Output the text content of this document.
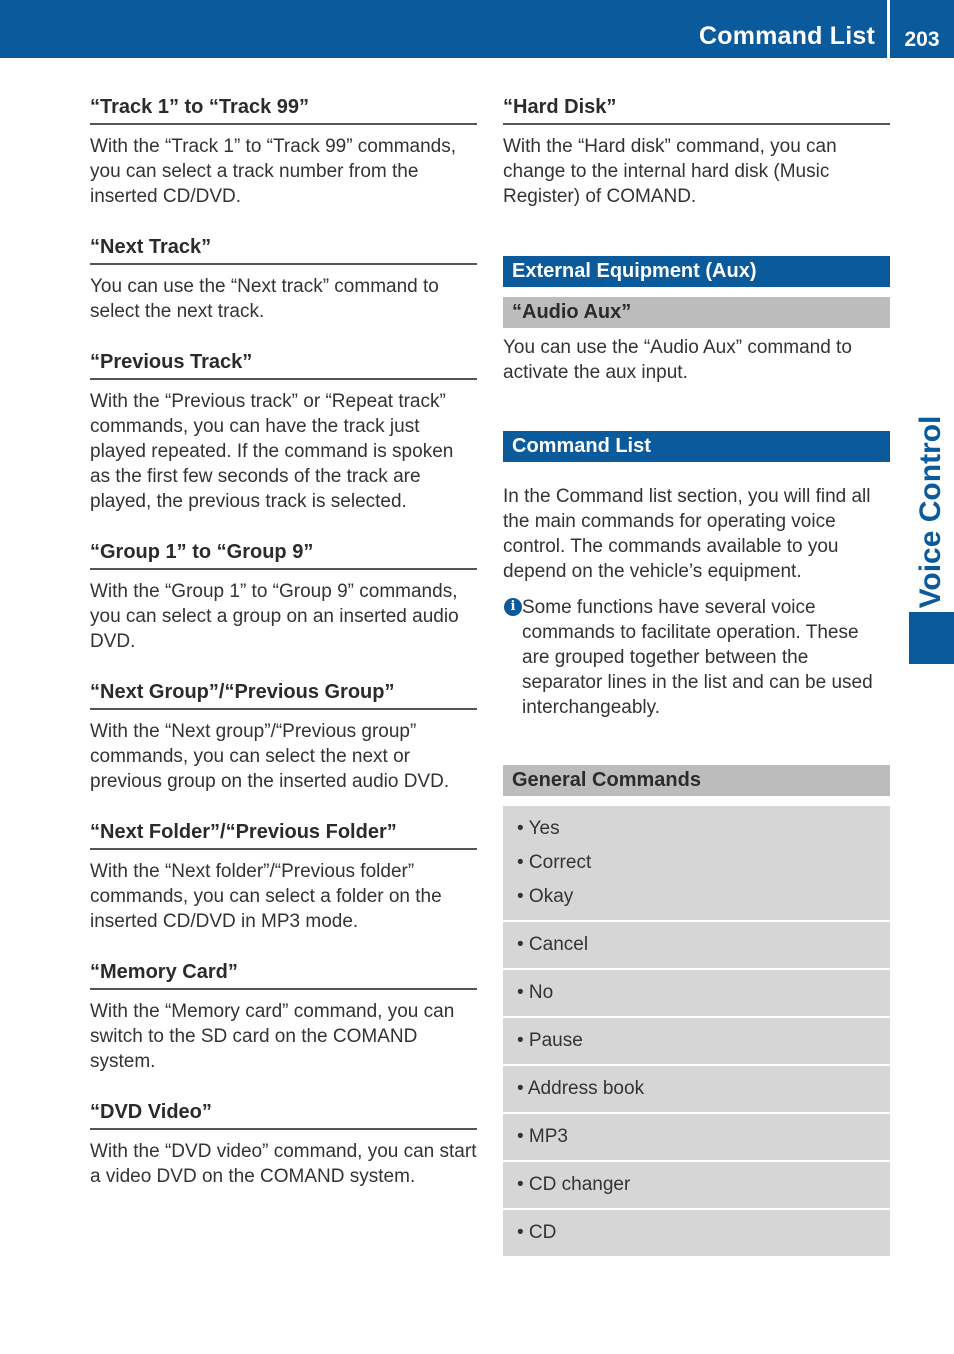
Command List	203
Voice Control
“Track 1” to “Track 99”
With the “Track 1” to “Track 99” commands, you can select a track number from the inserted CD/DVD.
“Next Track”
You can use the “Next track” command to select the next track.
“Previous Track”
With the “Previous track” or “Repeat track” commands, you can have the track just played repeated. If the command is spoken as the first few seconds of the track are played, the previous track is selected.
“Group 1” to “Group 9”
With the “Group 1” to “Group 9” commands, you can select a group on an inserted audio DVD.
“Next Group”/“Previous Group”
With the “Next group”/“Previous group” commands, you can select the next or previous group on the inserted audio DVD.
“Next Folder”/“Previous Folder”
With the “Next folder”/“Previous folder” commands, you can select a folder on the inserted CD/DVD in MP3 mode.
“Memory Card”
With the “Memory card” command, you can switch to the SD card on the COMAND system.
“DVD Video”
With the “DVD video” command, you can start a video DVD on the COMAND system.
“Hard Disk”
With the “Hard disk” command, you can change to the internal hard disk (Music Register) of COMAND.
External Equipment (Aux)
“Audio Aux”
You can use the “Audio Aux” command to activate the aux input.
Command List
In the Command list section, you will find all the main commands for operating voice control. The commands available to you depend on the vehicle’s equipment.
i Some functions have several voice commands to facilitate operation. These are grouped together between the separator lines in the list and can be used interchangeably.
General Commands
• Yes
• Correct
• Okay
• Cancel
• No
• Pause
• Address book
• MP3
• CD changer
• CD
